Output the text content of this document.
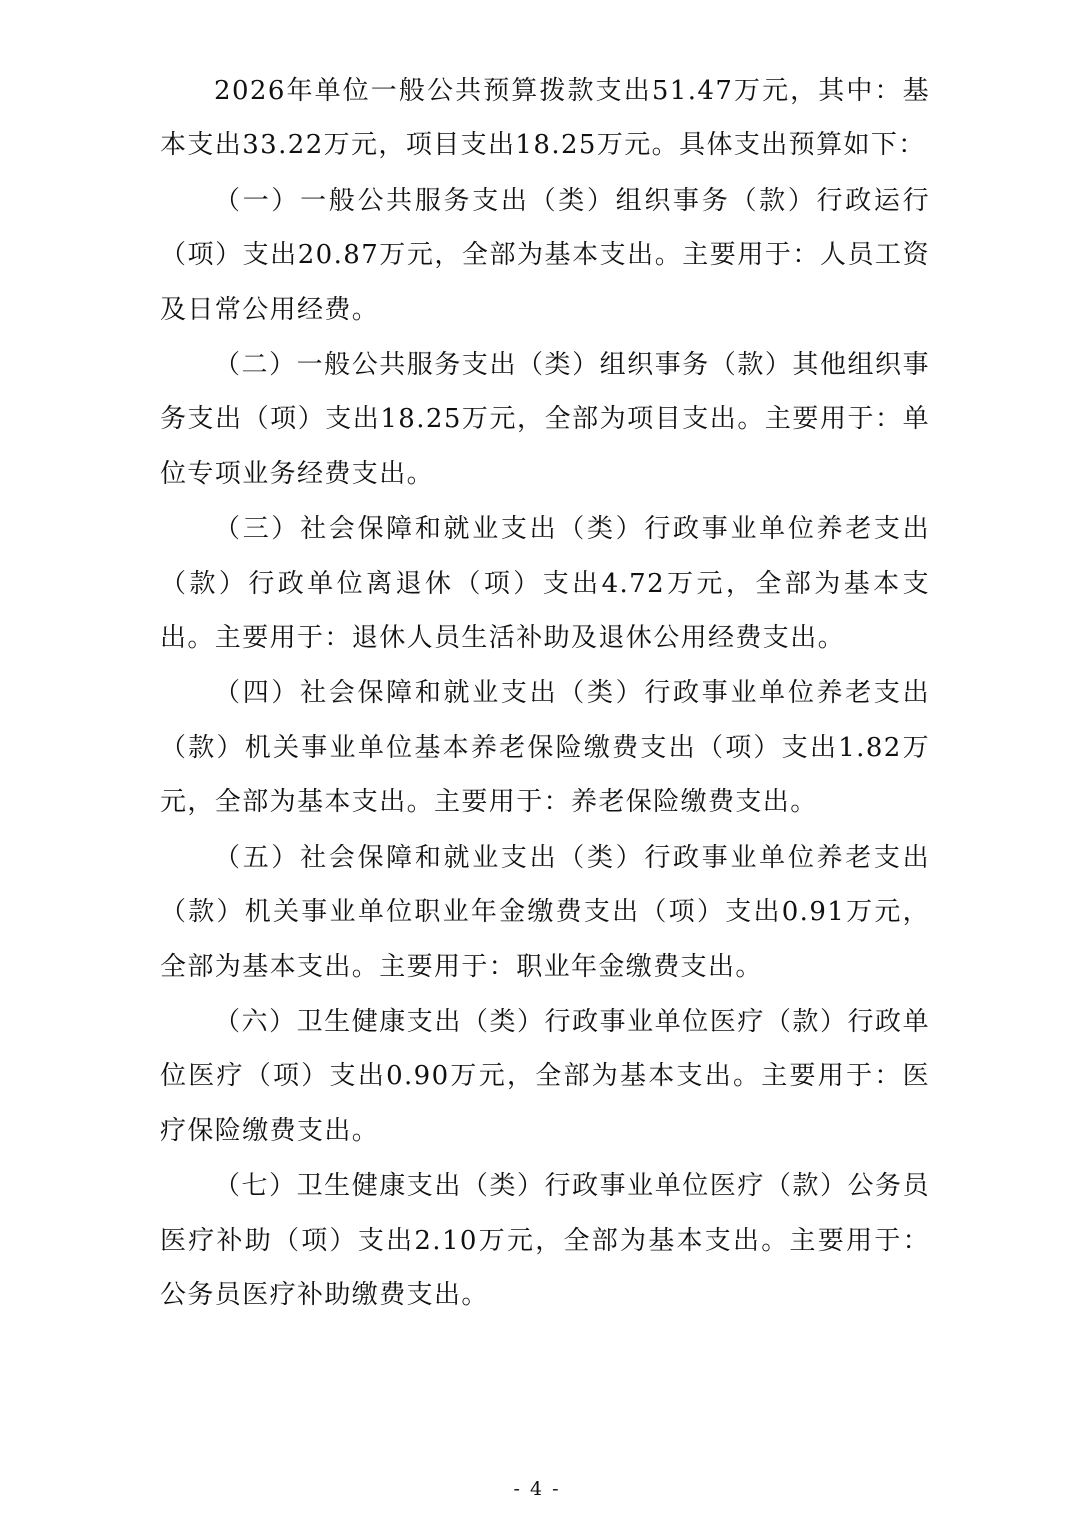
2026年单位一般公共预算拨款支出51.47万元，其中：基本支出33.22万元，项目支出18.25万元。具体支出预算如下：

（一）一般公共服务支出（类）组织事务（款）行政运行（项）支出20.87万元，全部为基本支出。主要用于：人员工资及日常公用经费。

（二）一般公共服务支出（类）组织事务（款）其他组织事务支出（项）支出18.25万元，全部为项目支出。主要用于：单位专项业务经费支出。

（三）社会保障和就业支出（类）行政事业单位养老支出（款）行政单位离退休（项）支出4.72万元，全部为基本支出。主要用于：退休人员生活补助及退休公用经费支出。

（四）社会保障和就业支出（类）行政事业单位养老支出（款）机关事业单位基本养老保险缴费支出（项）支出1.82万元，全部为基本支出。主要用于：养老保险缴费支出。

（五）社会保障和就业支出（类）行政事业单位养老支出（款）机关事业单位职业年金缴费支出（项）支出0.91万元，全部为基本支出。主要用于：职业年金缴费支出。

（六）卫生健康支出（类）行政事业单位医疗（款）行政单位医疗（项）支出0.90万元，全部为基本支出。主要用于：医疗保险缴费支出。

（七）卫生健康支出（类）行政事业单位医疗（款）公务员医疗补助（项）支出2.10万元，全部为基本支出。主要用于：公务员医疗补助缴费支出。

- 4 -
